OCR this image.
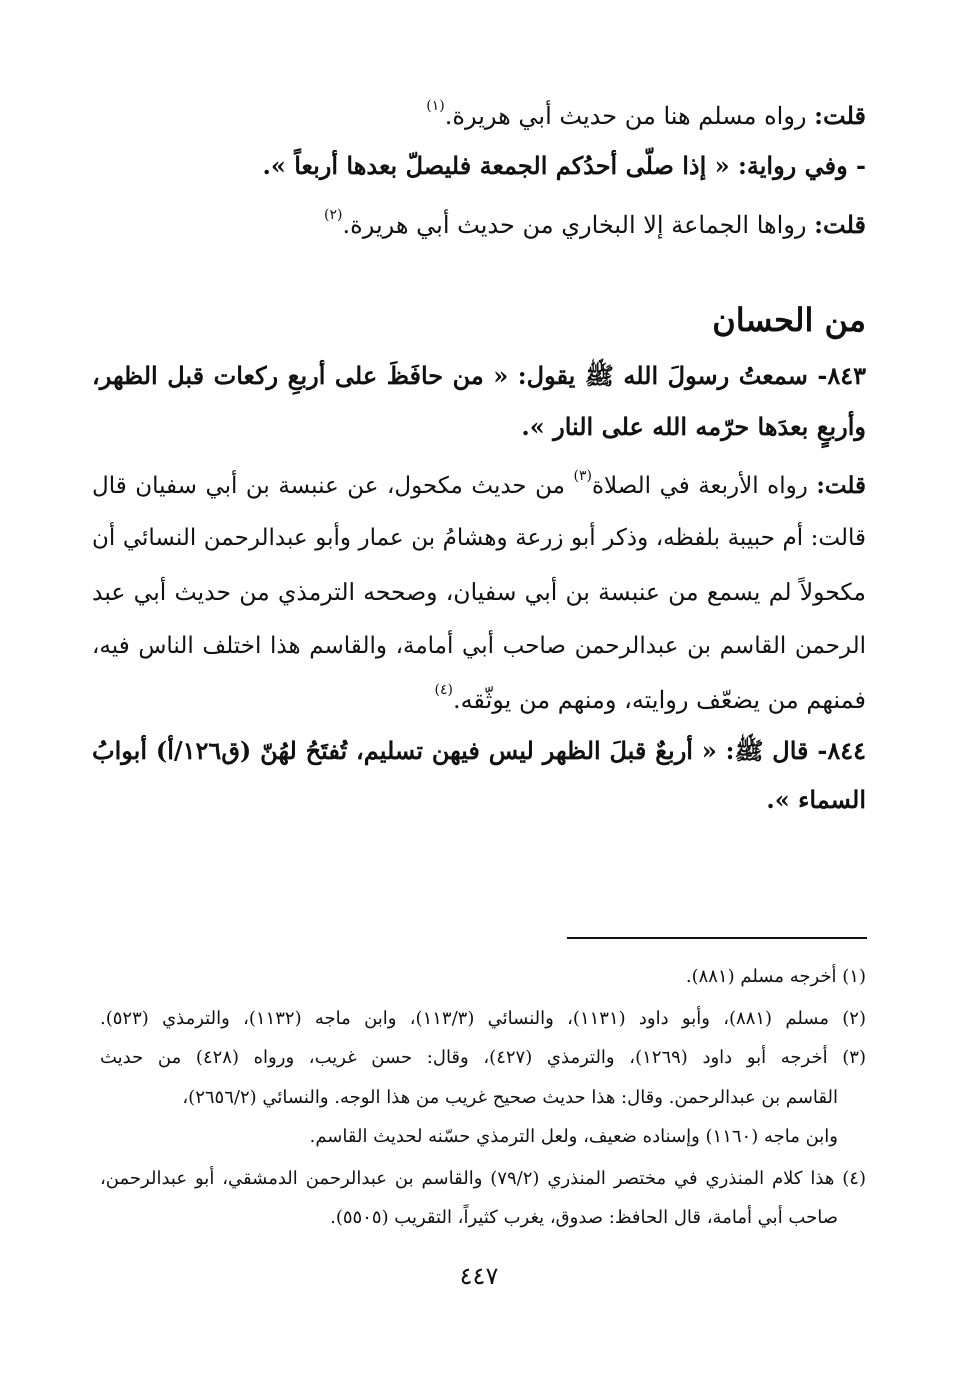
قلت: رواه مسلم هنا من حديث أبي هريرة.$^{(١)}$
- وفي رواية: « إذا صلّى أحدُكم الجمعة فليصلّ بعدها أربعاً ».
قلت: رواها الجماعة إلا البخاري من حديث أبي هريرة.$^{(٢)}$
من الحسان
٨٤٣- سمعتُ رسولَ الله ﷺ يقول: « من حافَظَ على أربعِ ركعات قبل الظهر،
وأربعٍ بعدَها حرّمه الله على النار ».
قلت: رواه الأربعة في الصلاة$^{(٣)}$ من حديث مكحول، عن عنبسة بن أبي سفيان قال
قالت: أم حبيبة بلفظه، وذكر أبو زرعة وهشامُ بن عمار وأبو عبدالرحمن النسائي أن
مكحولاً لم يسمع من عنبسة بن أبي سفيان، وصححه الترمذي من حديث أبي عبد
الرحمن القاسم بن عبدالرحمن صاحب أبي أمامة، والقاسم هذا اختلف الناس فيه،
فمنهم من يضعّف روايته، ومنهم من يوثّقه.$^{(٤)}$
٨٤٤- قال ﷺ: « أربعٌ قبلَ الظهر ليس فيهن تسليم، تُفتَحُ لهُنّ (ق١٢٦/أ) أبوابُ
السماء ».
(١) أخرجه مسلم (٨٨١).
(٢) مسلم (٨٨١)، وأبو داود (١١٣١)، والنسائي (١١٣/٣)، وابن ماجه (١١٣٢)، والترمذي (٥٢٣).
(٣) أخرجه أبو داود (١٢٦٩)، والترمذي (٤٢٧)، وقال: حسن غريب، ورواه (٤٢٨) من حديث
القاسم بن عبدالرحمن. وقال: هذا حديث صحيح غريب من هذا الوجه. والنسائي (٢٦٥٦/٢)،
وابن ماجه (١١٦٠) وإسناده ضعيف، ولعل الترمذي حسّنه لحديث القاسم.
(٤) هذا كلام المنذري في مختصر المنذري (٧٩/٢) والقاسم بن عبدالرحمن الدمشقي، أبو عبدالرحمن،
صاحب أبي أمامة، قال الحافظ: صدوق، يغرب كثيراً، التقريب (٥٥٠٥).
٤٤٧
